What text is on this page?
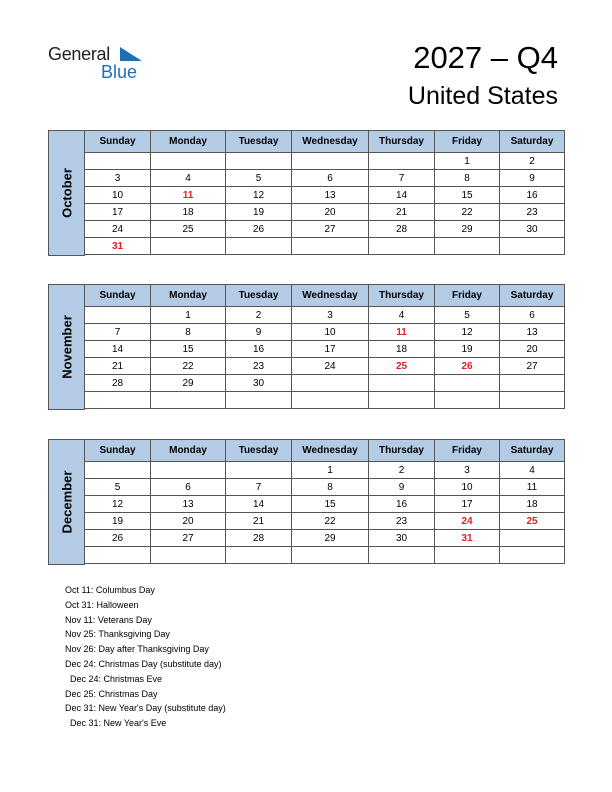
General
Blue	2027 – Q4
United States
October
Sunday	Monday	Tuesday	Wednesday	Thursday	Friday	Saturday
					1	2
3	4	5	6	7	8	9
10	11	12	13	14	15	16
17	18	19	20	21	22	23
24	25	26	27	28	29	30
31						
November
Sunday	Monday	Tuesday	Wednesday	Thursday	Friday	Saturday
	1	2	3	4	5	6
7	8	9	10	11	12	13
14	15	16	17	18	19	20
21	22	23	24	25	26	27
28	29	30				

December
Sunday	Monday	Tuesday	Wednesday	Thursday	Friday	Saturday
			1	2	3	4
5	6	7	8	9	10	11
12	13	14	15	16	17	18
19	20	21	22	23	24	25
26	27	28	29	30	31	

Oct 11: Columbus Day
Oct 31: Halloween
Nov 11: Veterans Day
Nov 25: Thanksgiving Day
Nov 26: Day after Thanksgiving Day
Dec 24: Christmas Day (substitute day)
Dec 24: Christmas Eve
Dec 25: Christmas Day
Dec 31: New Year's Day (substitute day)
Dec 31: New Year's Eve
